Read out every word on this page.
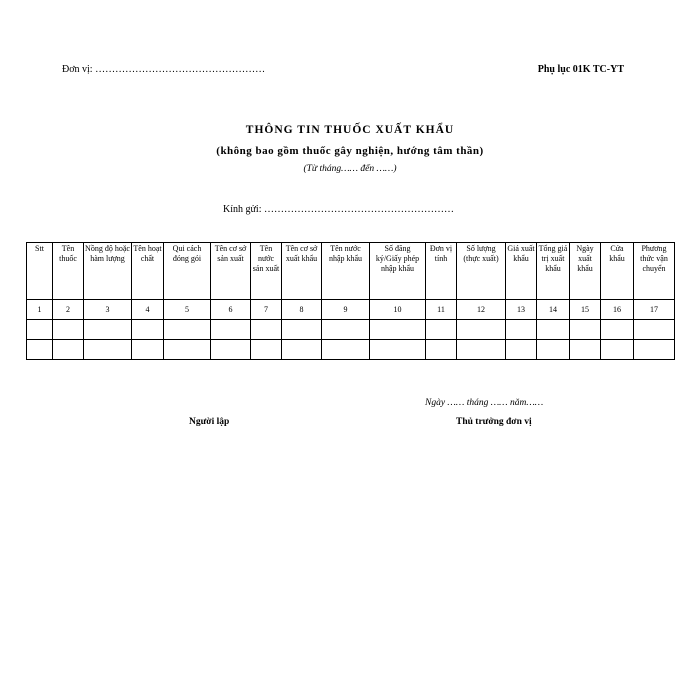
Đơn vị: ……………………………………………	Phụ lục 01K TC-YT
THÔNG TIN THUỐC XUẤT KHẨU
(không bao gồm thuốc gây nghiện, hướng tâm thần)
(Từ tháng…… đến ……)
Kính gửi: …………………………………………………
Stt	Tên thuốc	Nồng độ hoặc hàm lượng	Tên hoạt chất	Qui cách đóng gói	Tên cơ sở sản xuất	Tên nước sản xuất	Tên cơ sở xuất khẩu	Tên nước nhập khẩu	Số đăng ký/Giấy phép nhập khẩu	Đơn vị tính	Số lượng (thực xuất)	Giá xuất khẩu	Tổng giá trị xuất khẩu	Ngày xuất khẩu	Cửa khẩu	Phương thức vận chuyển
1	2	3	4	5	6	7	8	9	10	11	12	13	14	15	16	17

Ngày …… tháng …… năm……
Người lập	Thủ trưởng đơn vị
